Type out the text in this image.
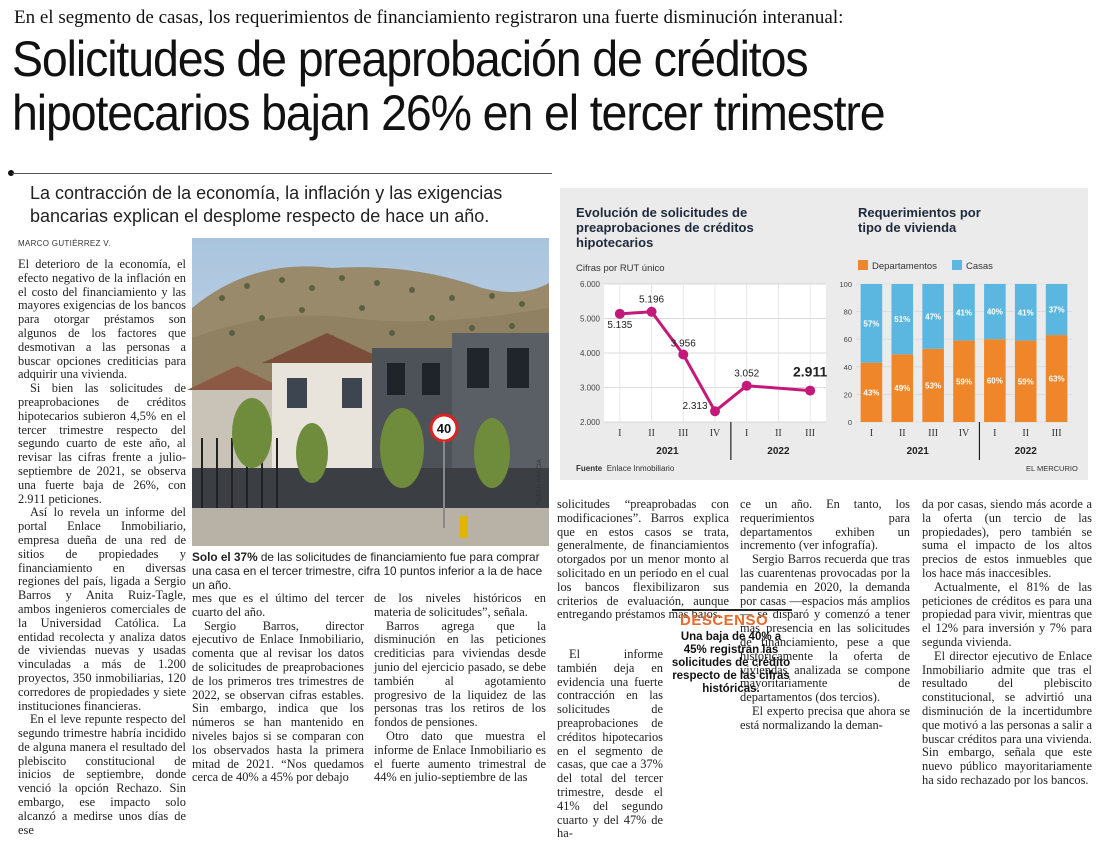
En el segmento de casas, los requerimientos de financiamiento registraron una fuerte disminución interanual:
Solicitudes de preaprobación de créditos
hipotecarios bajan 26% en el tercer trimestre
La contracción de la economía, la inflación y las exigencias bancarias explican el desplome respecto de hace un año.
MARCO GUTIÉRREZ V.

El deterioro de la economía, el efecto negativo de la inflación en el costo del financiamiento y las mayores exigencias de los bancos para otorgar préstamos son algunos de los factores que desmotivan a las personas a buscar opciones crediticias para adquirir una vivienda.

Si bien las solicitudes de preaprobaciones de créditos hipotecarios subieron 4,5% en el tercer trimestre respecto del segundo cuarto de este año, al revisar las cifras frente a julio-septiembre de 2021, se observa una fuerte baja de 26%, con 2.911 peticiones.

Así lo revela un informe del portal Enlace Inmobiliario, empresa dueña de una red de sitios de propiedades y financiamiento en diversas regiones del país, ligada a Sergio Barros y Anita Ruiz-Tagle, ambos ingenieros comerciales de la Universidad Católica. La entidad recolecta y analiza datos de viviendas nuevas y usadas vinculadas a más de 1.200 proyectos, 350 inmobiliarias, 120 corredores de propiedades y siete instituciones financieras.

En el leve repunte respecto del segundo trimestre habría incidido de alguna manera el resultado del plebiscito constitucional de inicios de septiembre, donde venció la opción Rechazo. Sin embargo, ese impacto solo alcanzó a medirse unos días de ese

40
RUBEN GARCIA
Solo el 37% de las solicitudes de financiamiento fue para comprar una casa en el tercer trimestre, cifra 10 puntos inferior a la de hace un año.

mes que es el último del tercer cuarto del año.

Sergio Barros, director ejecutivo de Enlace Inmobiliario, comenta que al revisar los datos de solicitudes de preaprobaciones de los primeros tres trimestres de 2022, se observan cifras estables. Sin embargo, indica que los números se han mantenido en niveles bajos si se comparan con los observados hasta la primera mitad de 2021. “Nos quedamos cerca de 40% a 45% por debajo

de los niveles históricos en materia de solicitudes”, señala.

Barros agrega que la disminución en las peticiones crediticias para viviendas desde junio del ejercicio pasado, se debe también al agotamiento progresivo de la liquidez de las personas tras los retiros de los fondos de pensiones.

Otro dato que muestra el informe de Enlace Inmobiliario es el fuerte aumento trimestral de 44% en julio-septiembre de las

solicitudes “preaprobadas con modificaciones”. Barros explica que en estos casos se trata, generalmente, de financiamientos otorgados por un menor monto al solicitado en un período en el cual los bancos flexibilizaron sus criterios de evaluación, aunque entregando préstamos más bajos.

El informe también deja en evidencia una fuerte contracción en las solicitudes de preaprobaciones de créditos hipotecarios en el segmento de casas, que cae a 37% del total del tercer trimestre, desde el 41% del segundo cuarto y del 47% de ha-

ce un año. En tanto, los requerimientos para departamentos exhiben un incremento (ver infografía).

Sergio Barros recuerda que tras las cuarentenas provocadas por la pandemia en 2020, la demanda por casas —espacios más amplios— se disparó y comenzó a tener más presencia en las solicitudes de financiamiento, pese a que históricamente la oferta de viviendas analizada se compone mayoritariamente de departamentos (dos tercios).

El experto precisa que ahora se está normalizando la deman-

da por casas, siendo más acorde a la oferta (un tercio de las propiedades), pero también se suma el impacto de los altos precios de estos inmuebles que los hace más inaccesibles.

Actualmente, el 81% de las peticiones de créditos es para una propiedad para vivir, mientras que el 12% para inversión y 7% para segunda vivienda.

El director ejecutivo de Enlace Inmobiliario admite que tras el resultado del plebiscito constitucional, se advirtió una disminución de la incertidumbre que motivó a las personas a salir a buscar créditos para una vivienda. Sin embargo, señala que este nuevo público mayoritariamente ha sido rechazado por los bancos.

DESCENSO
Una baja de 40% a 45% registran las solicitudes de crédito respecto de las cifras históricas.
Evolución de solicitudes de preaprobaciones de créditos hipotecarios
Cifras por RUT único
Requerimientos por tipo de vivienda
2.000
3.000
4.000
5.000
6.000
I	II III IV I	II III
2021	2022
5.135
5.196
3.956
2.313
3.052 2.911
Departamentos	Casas
0
20
40
60
80
100
43%
57%
I
49%
51%
II
53%
47%
III
59%
41%
IV
60%
40%
I
59%
41%
II
63%
37%
III
2021	2022
Fuente Enlace Inmobiliario	EL MERCURIO
